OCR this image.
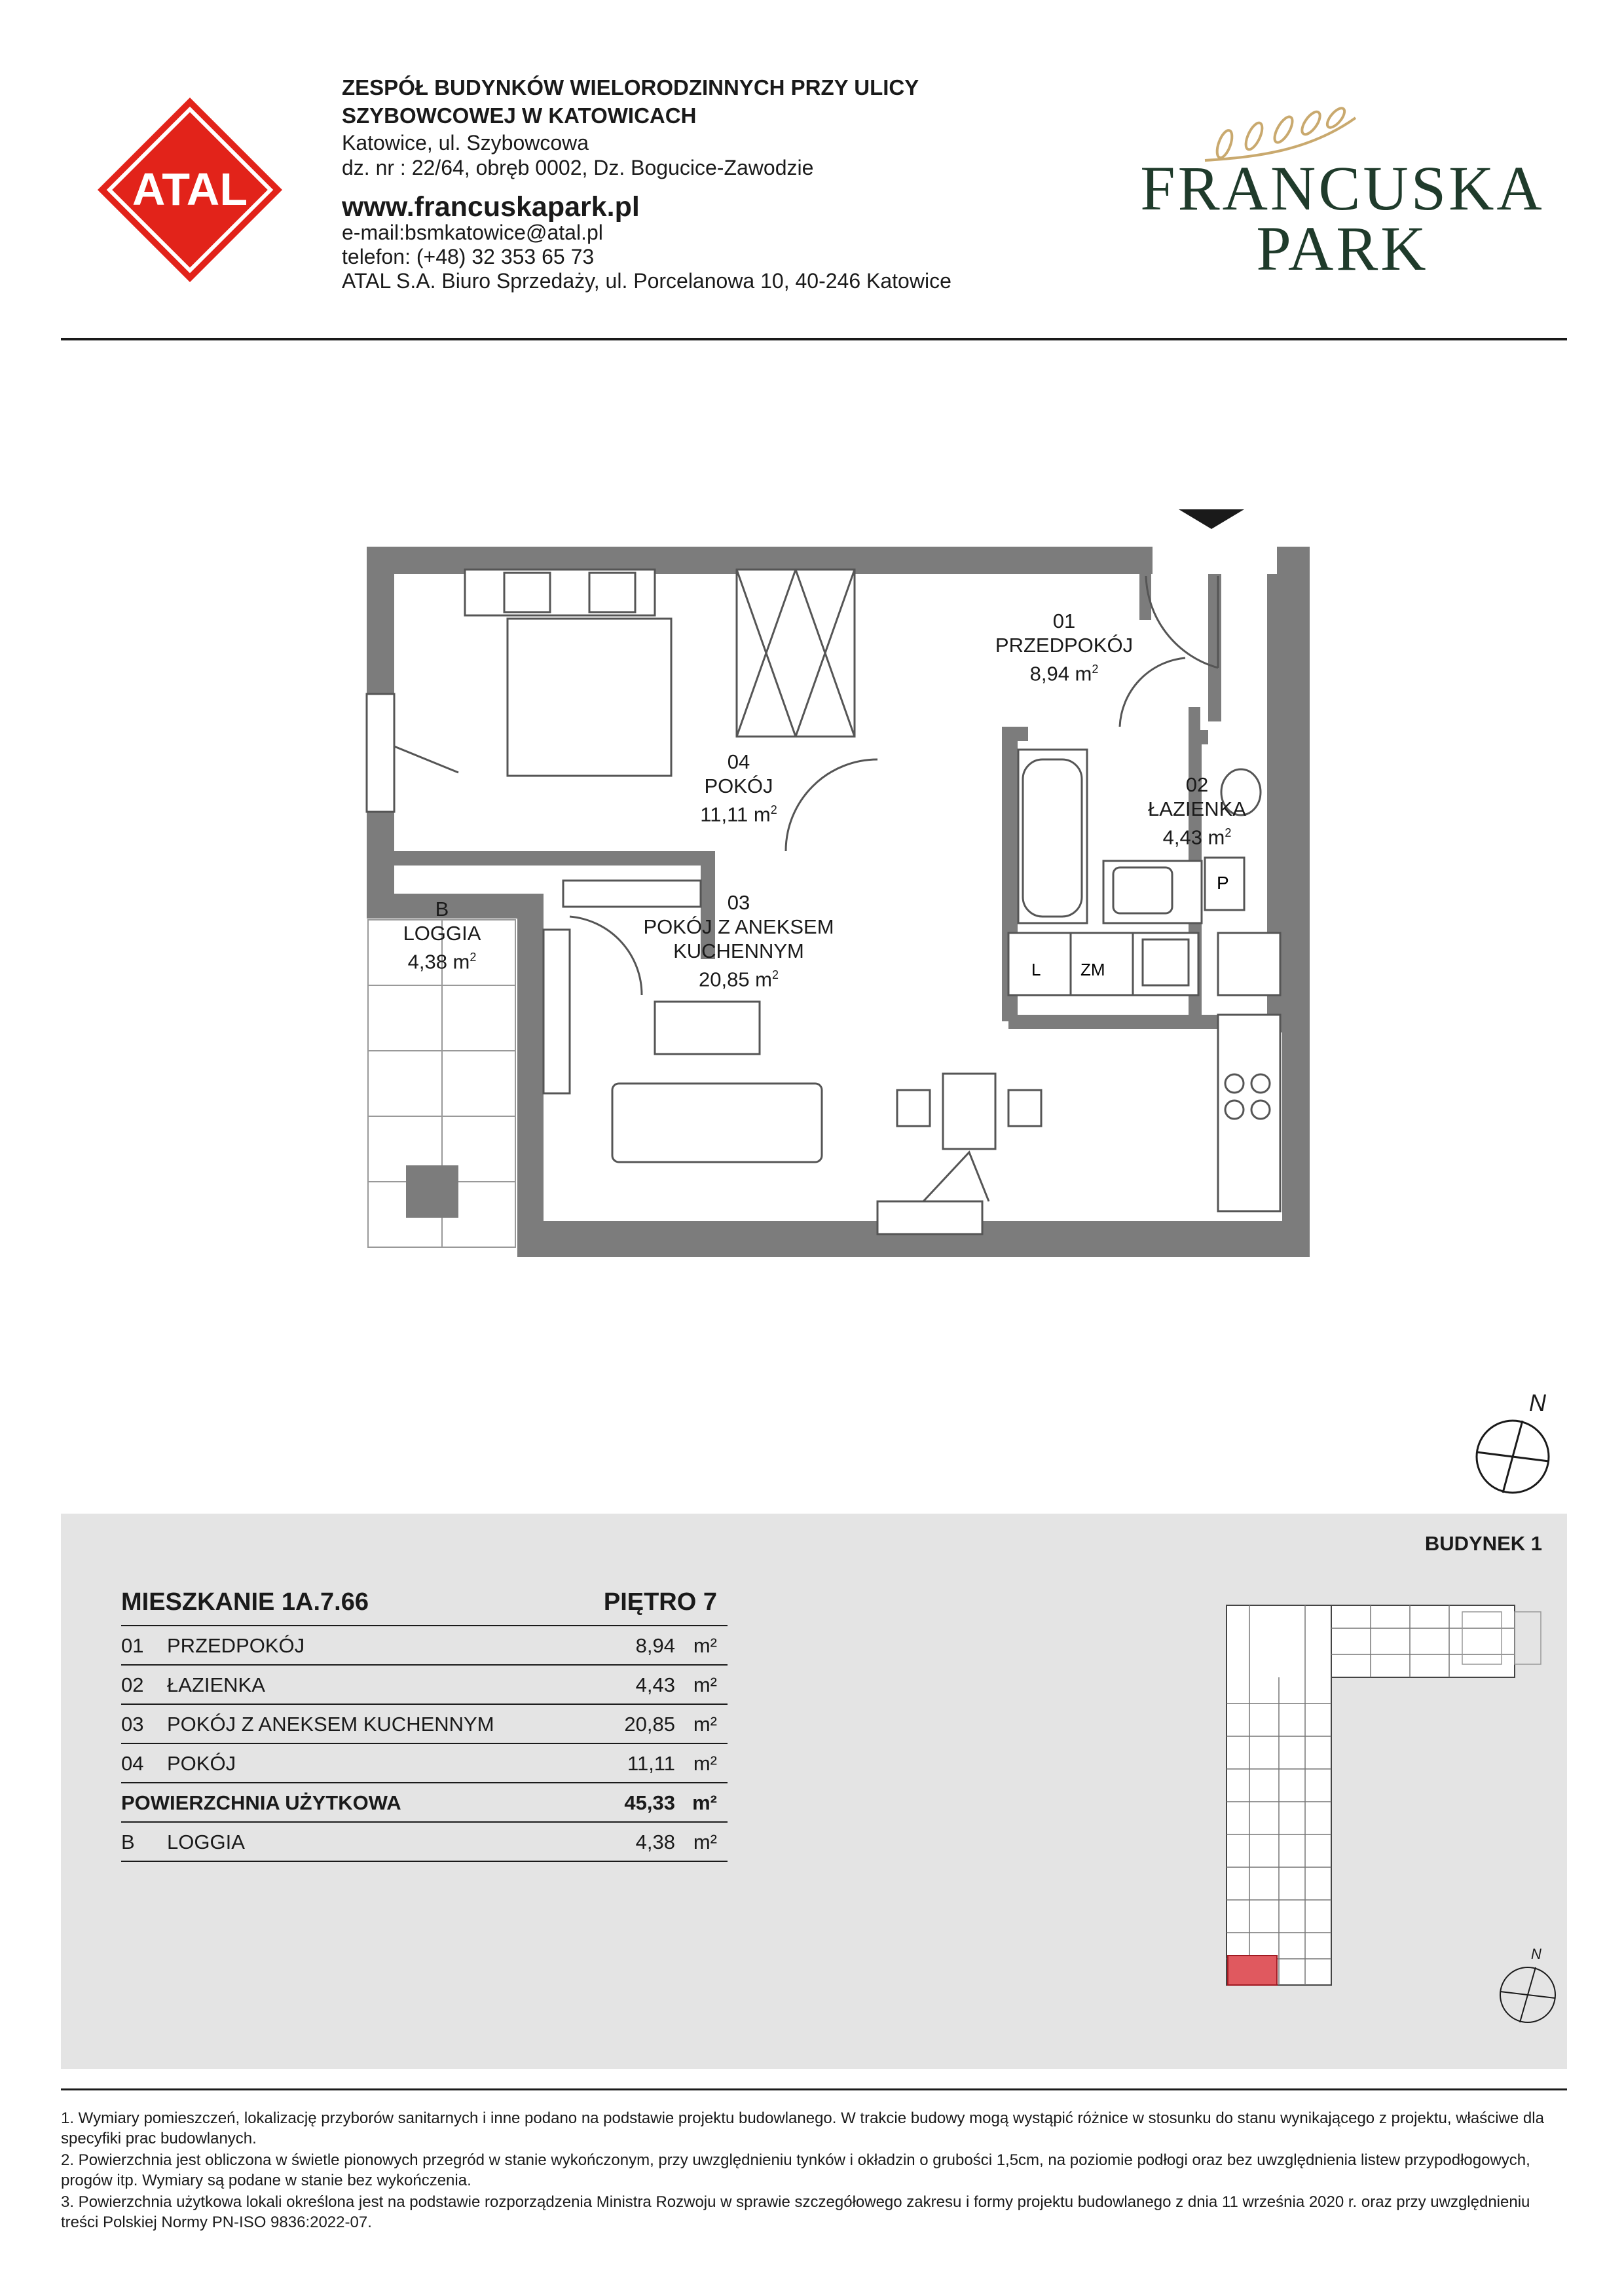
ATAL
ZESPÓŁ BUDYNKÓW WIELORODZINNYCH PRZY ULICY
SZYBOWCOWEJ W KATOWICACH
Katowice, ul. Szybowcowa
dz. nr : 22/64, obręb 0002, Dz. Bogucice-Zawodzie
www.francuskapark.pl
e-mail:bsmkatowice@atal.pl
telefon: (+48) 32 353 65 73
ATAL S.A. Biuro Sprzedaży, ul. Porcelanowa 10, 40-246 Katowice
FRANCUSKA
PARK
P
L ZM
01
PRZEDPOKÓJ
8,94 $m^2$
02
ŁAZIENKA
4,43 $m^2$
03
POKÓJ Z ANEKSEM
KUCHENNYM
20,85 $m^2$
04
POKÓJ
11,11 $m^2$
B
LOGGIA
4,38 $m^2$
N
BUDYNEK 1
MIESZKANIE 1A.7.66	PIĘTRO 7
01 PRZEDPOKÓJ	8,94 m²
02 ŁAZIENKA	4,43 m²
03 POKÓJ Z ANEKSEM KUCHENNYM	20,85 m²
04 POKÓJ	11,11 m²
POWIERZCHNIA UŻYTKOWA	45,33 m²
B LOGGIA	4,38 m²
N
1. Wymiary pomieszczeń, lokalizację przyborów sanitarnych i inne podano na podstawie projektu budowlanego. W trakcie budowy mogą wystąpić różnice w stosunku do stanu wynikającego z projektu, właściwe dla specyfiki prac budowlanych.
2. Powierzchnia jest obliczona w świetle pionowych przegród w stanie wykończonym, przy uwzględnieniu tynków i okładzin o grubości 1,5cm, na poziomie podłogi oraz bez uwzględnienia listew przypodłogowych, progów itp. Wymiary są podane w stanie bez wykończenia.
3. Powierzchnia użytkowa lokali określona jest na podstawie rozporządzenia Ministra Rozwoju w sprawie szczegółowego zakresu i formy projektu budowlanego z dnia 11 września 2020 r. oraz przy uwzględnieniu treści Polskiej Normy PN-ISO 9836:2022-07.
